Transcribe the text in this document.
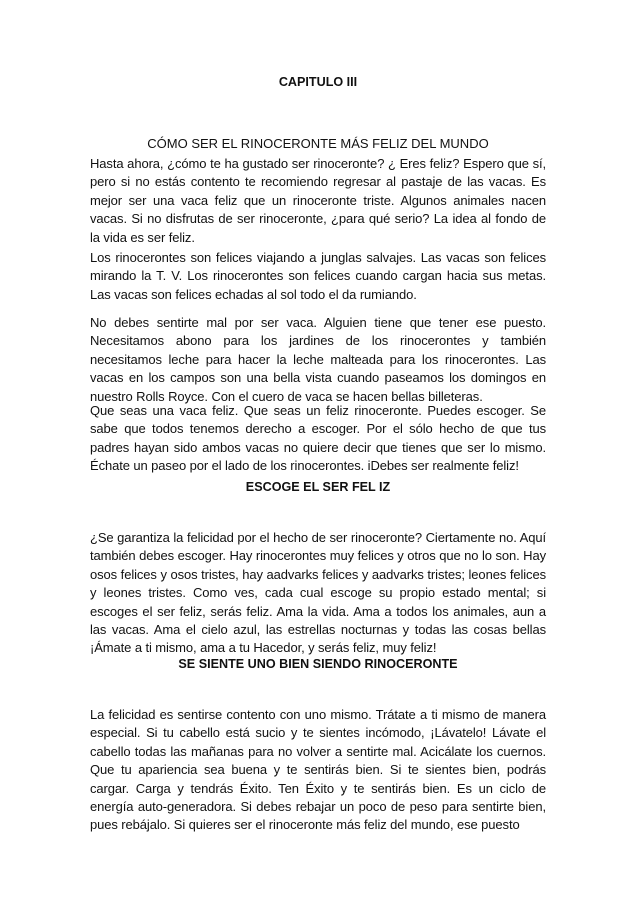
CAPITULO III
CÓMO SER EL RINOCERONTE MÁS FELIZ DEL MUNDO

Hasta ahora, ¿cómo te ha gustado ser rinoceronte? ¿ Eres feliz? Espero que sí, pero si no estás contento te recomiendo regresar al pastaje de las vacas. Es mejor ser una vaca feliz que un rinoceronte triste. Algunos animales nacen vacas. Si no disfrutas de ser rinoceronte, ¿para qué serio? La idea al fondo de la vida es ser feliz.

Los rinocerontes son felices viajando a junglas salvajes. Las vacas son felices mirando la T. V. Los rinocerontes son felices cuando cargan hacia sus metas. Las vacas son felices echadas al sol todo el da rumiando.

No debes sentirte mal por ser vaca. Alguien tiene que tener ese puesto. Necesitamos abono para los jardines de los rinocerontes y también necesitamos leche para hacer la leche malteada para los rinocerontes. Las vacas en los campos son una bella vista cuando paseamos los domingos en nuestro Rolls Royce. Con el cuero de vaca se hacen bellas billeteras.

Que seas una vaca feliz. Que seas un feliz rinoceronte. Puedes escoger. Se sabe que todos tenemos derecho a escoger. Por el sólo hecho de que tus padres hayan sido ambos vacas no quiere decir que tienes que ser lo mismo. Échate un paseo por el lado de los rinocerontes. iDebes ser realmente feliz!

ESCOGE EL SER FEL IZ

¿Se garantiza la felicidad por el hecho de ser rinoceronte? Ciertamente no. Aquí también debes escoger. Hay rinocerontes muy felices y otros que no lo son. Hay osos felices y osos tristes, hay aadvarks felices y aadvarks tristes; leones felices y leones tristes. Como ves, cada cual escoge su propio estado mental; si escoges el ser feliz, serás feliz. Ama la vida. Ama a todos los animales, aun a las vacas. Ama el cielo azul, las estrellas nocturnas y todas las cosas bellas ¡Ámate a ti mismo, ama a tu Hacedor, y serás feliz, muy feliz!

SE SIENTE UNO BIEN SIENDO RINOCERONTE

La felicidad es sentirse contento con uno mismo. Trátate a ti mismo de manera especial. Si tu cabello está sucio y te sientes incómodo, ¡Lávatelo! Lávate el cabello todas las mañanas para no volver a sentirte mal. Acicálate los cuernos. Que tu apariencia sea buena y te sentirás bien. Si te sientes bien, podrás cargar. Carga y tendrás Éxito. Ten Éxito y te sentirás bien. Es un ciclo de energía auto-generadora. Si debes rebajar un poco de peso para sentirte bien, pues rebájalo. Si quieres ser el rinoceronte más feliz del mundo, ese puesto
